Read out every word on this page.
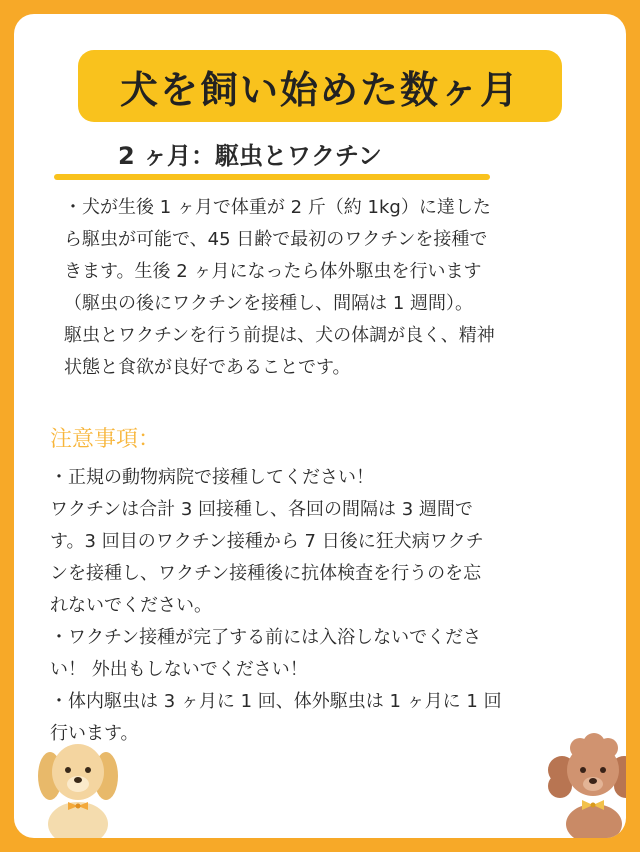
犬を飼い始めた数ヶ月
2 ヶ月：駆虫とワクチン

・犬が生後 1 ヶ月で体重が 2 斤（約 1kg）に達した

ら駆虫が可能で、45 日齢で最初のワクチンを接種で

きます。生後 2 ヶ月になったら体外駆虫を行います

（駆虫の後にワクチンを接種し、間隔は 1 週間）。

駆虫とワクチンを行う前提は、犬の体調が良く、精神

状態と食欲が良好であることです。

注意事項：

・正規の動物病院で接種してください！

ワクチンは合計 3 回接種し、各回の間隔は 3 週間で

す。3 回目のワクチン接種から 7 日後に狂犬病ワクチ

ンを接種し、ワクチン接種後に抗体検査を行うのを忘

れないでください。

・ワクチン接種が完了する前には入浴しないでくださ

い！ 外出もしないでください！

・体内駆虫は 3 ヶ月に 1 回、体外駆虫は 1 ヶ月に 1 回

行います。
